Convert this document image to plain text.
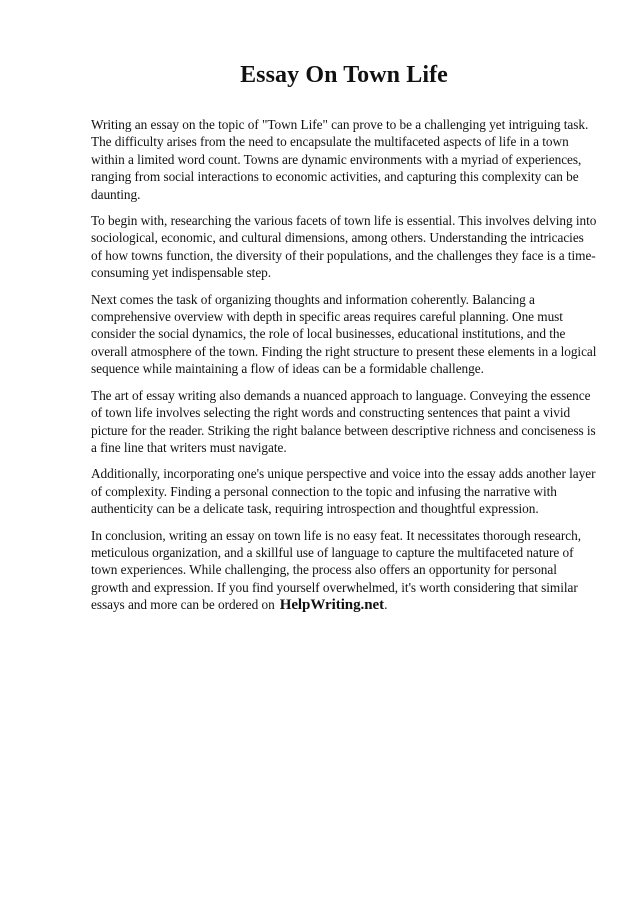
Essay On Town Life

Writing an essay on the topic of "Town Life" can prove to be a challenging yet intriguing task. The difficulty arises from the need to encapsulate the multifaceted aspects of life in a town within a limited word count. Towns are dynamic environments with a myriad of experiences, ranging from social interactions to economic activities, and capturing this complexity can be daunting.

To begin with, researching the various facets of town life is essential. This involves delving into sociological, economic, and cultural dimensions, among others. Understanding the intricacies of how towns function, the diversity of their populations, and the challenges they face is a time-consuming yet indispensable step.

Next comes the task of organizing thoughts and information coherently. Balancing a comprehensive overview with depth in specific areas requires careful planning. One must consider the social dynamics, the role of local businesses, educational institutions, and the overall atmosphere of the town. Finding the right structure to present these elements in a logical sequence while maintaining a flow of ideas can be a formidable challenge.

The art of essay writing also demands a nuanced approach to language. Conveying the essence of town life involves selecting the right words and constructing sentences that paint a vivid picture for the reader. Striking the right balance between descriptive richness and conciseness is a fine line that writers must navigate.

Additionally, incorporating one's unique perspective and voice into the essay adds another layer of complexity. Finding a personal connection to the topic and infusing the narrative with authenticity can be a delicate task, requiring introspection and thoughtful expression.

In conclusion, writing an essay on town life is no easy feat. It necessitates thorough research, meticulous organization, and a skillful use of language to capture the multifaceted nature of town experiences. While challenging, the process also offers an opportunity for personal growth and expression. If you find yourself overwhelmed, it's worth considering that similar essays and more can be ordered on HelpWriting.net.
